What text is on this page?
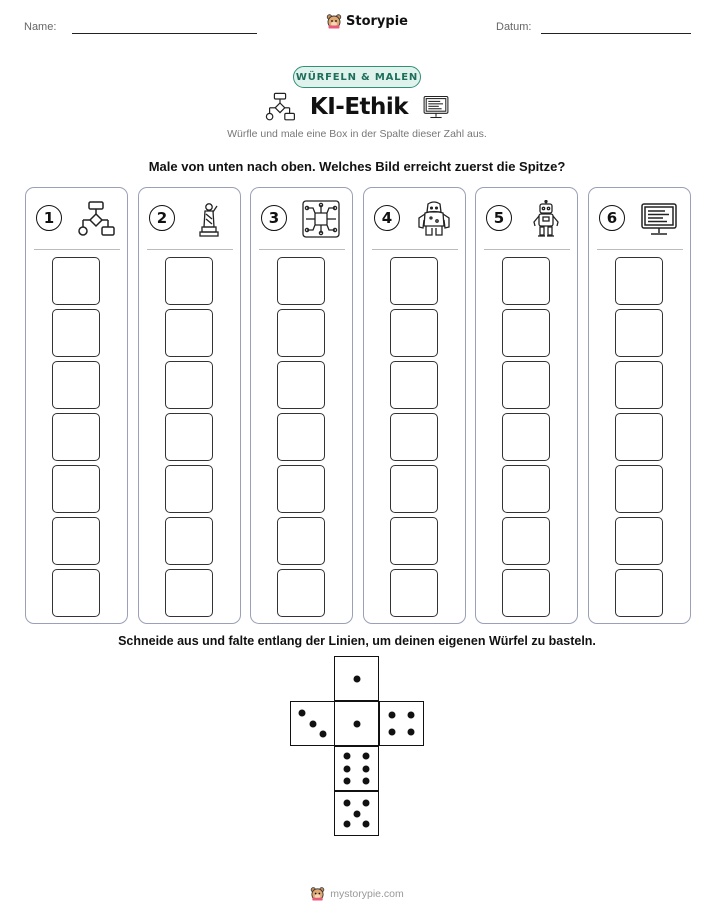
Name:	Storypie	Datum:
WÜRFELN & MALEN
KI-Ethik
Würfle und male eine Box in der Spalte dieser Zahl aus.
Male von unten nach oben. Welches Bild erreicht zuerst die Spitze?
1	2	3	4	5	6
Schneide aus und falte entlang der Linien, um deinen eigenen Würfel zu basteln.
mystorypie.com
